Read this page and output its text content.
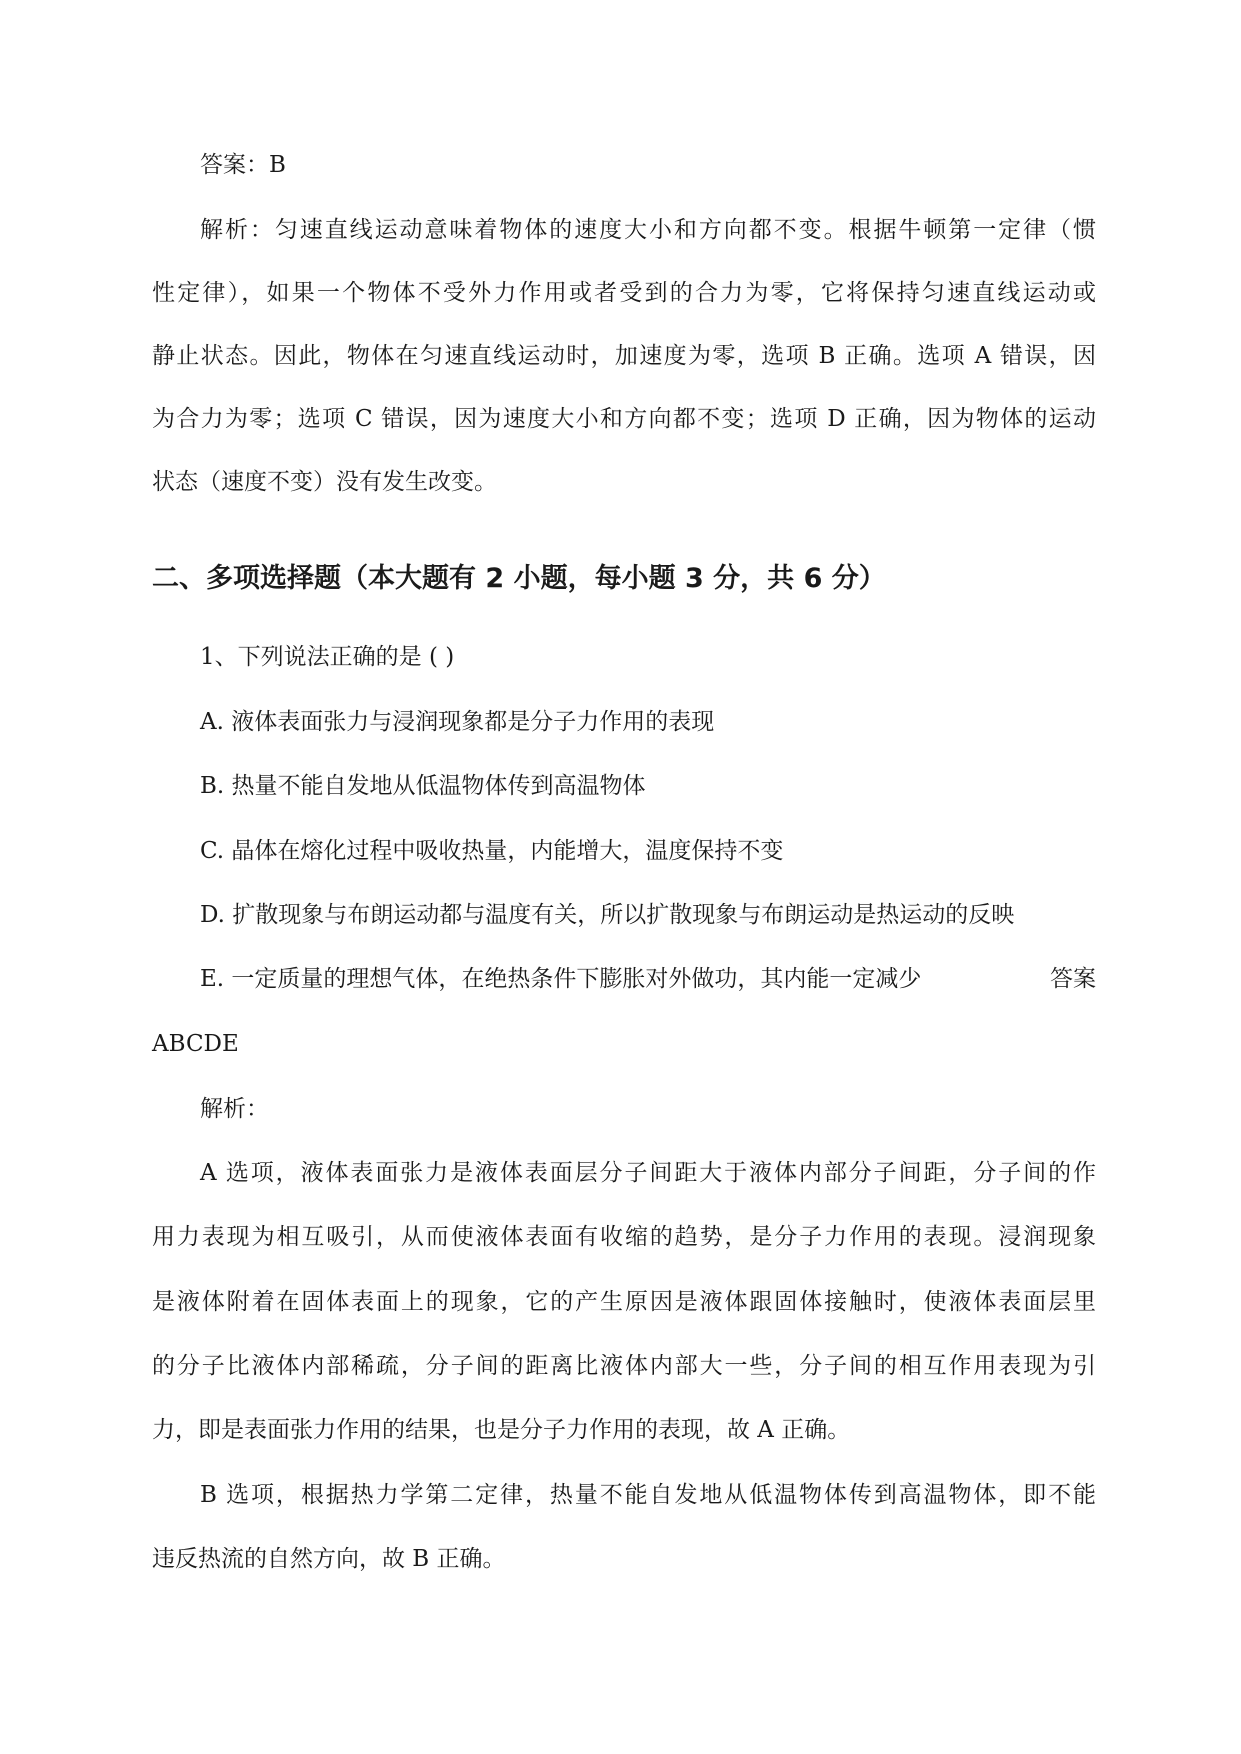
答案：B
解析：匀速直线运动意味着物体的速度大小和方向都不变。根据牛顿第一定律（惯
性定律），如果一个物体不受外力作用或者受到的合力为零，它将保持匀速直线运动或
静止状态。因此，物体在匀速直线运动时，加速度为零，选项 B 正确。选项 A 错误，因
为合力为零；选项 C 错误，因为速度大小和方向都不变；选项 D 正确，因为物体的运动
状态（速度不变）没有发生改变。
二、多项选择题（本大题有 2 小题，每小题 3 分，共 6 分）
1、下列说法正确的是 ( )
A. 液体表面张力与浸润现象都是分子力作用的表现
B. 热量不能自发地从低温物体传到高温物体
C. 晶体在熔化过程中吸收热量，内能增大，温度保持不变
D. 扩散现象与布朗运动都与温度有关，所以扩散现象与布朗运动是热运动的反映
E. 一定质量的理想气体，在绝热条件下膨胀对外做功，其内能一定减少	答案
ABCDE
解析：
A 选项，液体表面张力是液体表面层分子间距大于液体内部分子间距，分子间的作
用力表现为相互吸引，从而使液体表面有收缩的趋势，是分子力作用的表现。浸润现象
是液体附着在固体表面上的现象，它的产生原因是液体跟固体接触时，使液体表面层里
的分子比液体内部稀疏，分子间的距离比液体内部大一些，分子间的相互作用表现为引
力，即是表面张力作用的结果，也是分子力作用的表现，故 A 正确。
B 选项，根据热力学第二定律，热量不能自发地从低温物体传到高温物体，即不能
违反热流的自然方向，故 B 正确。
